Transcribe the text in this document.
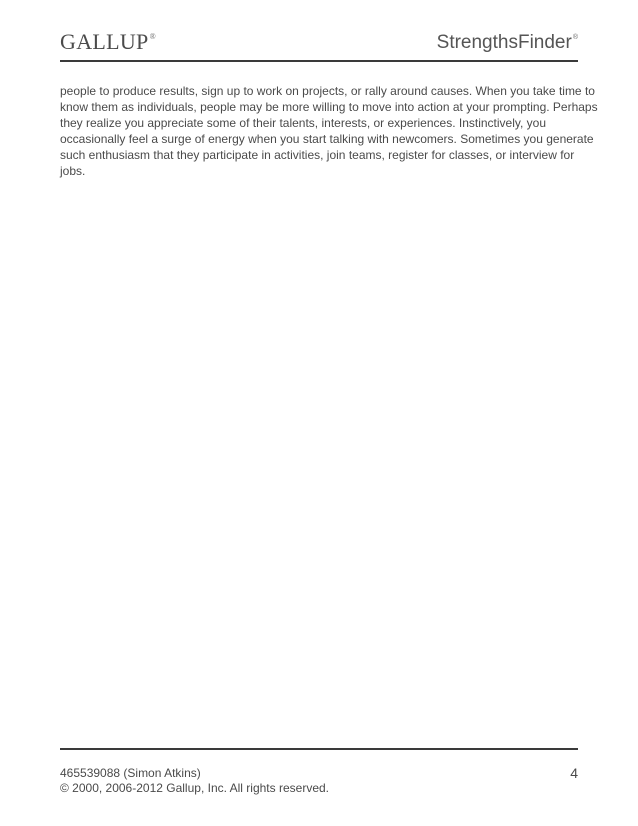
GALLUP®	StrengthsFinder®

people to produce results, sign up to work on projects, or rally around causes. When you take time to
know them as individuals, people may be more willing to move into action at your prompting. Perhaps
they realize you appreciate some of their talents, interests, or experiences. Instinctively, you
occasionally feel a surge of energy when you start talking with newcomers. Sometimes you generate
such enthusiasm that they participate in activities, join teams, register for classes, or interview for
jobs.

465539088 (Simon Atkins)
© 2000, 2006-2012 Gallup, Inc. All rights reserved.
4
